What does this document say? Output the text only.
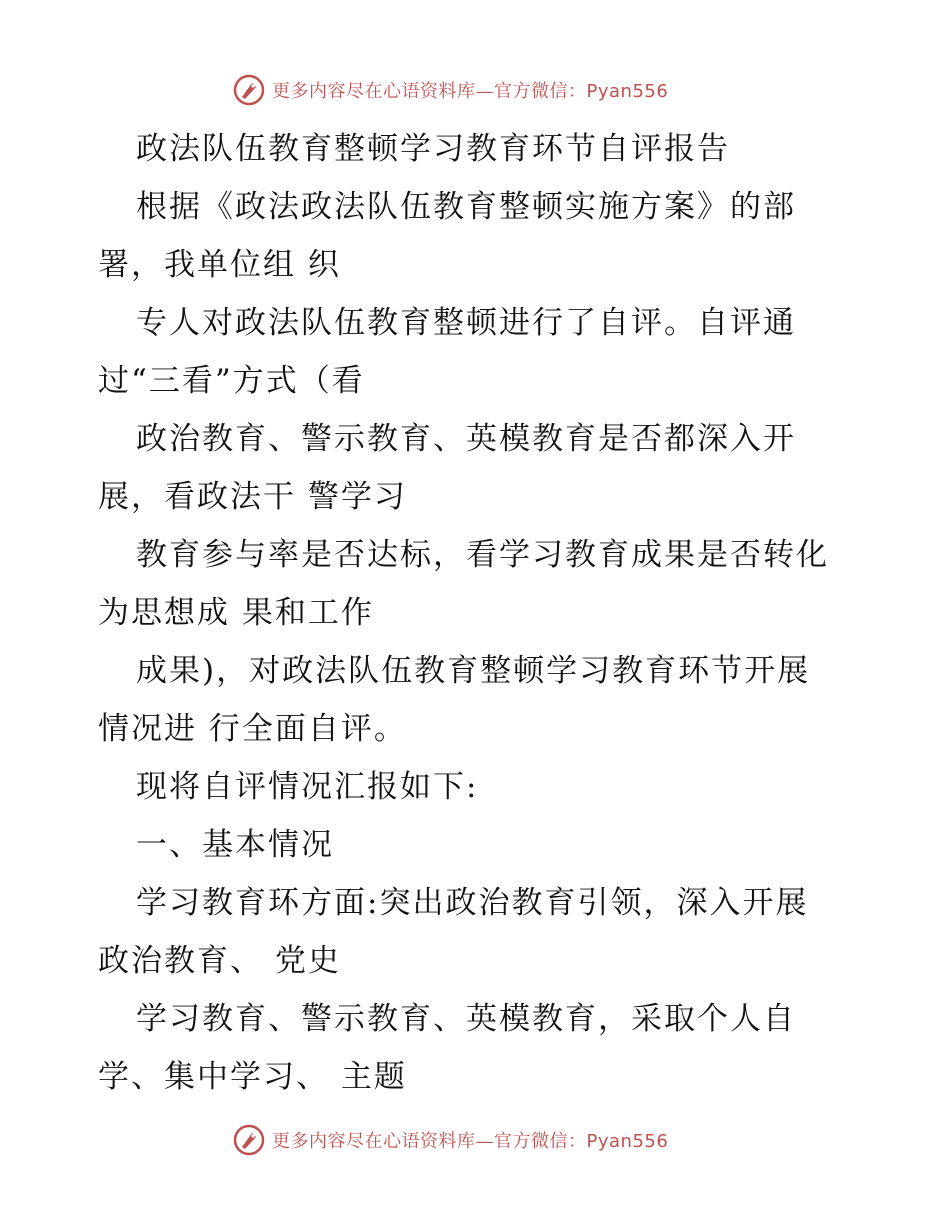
更多内容尽在心语资料库—官方微信：Pyan556
政法队伍教育整顿学习教育环节自评报告
根据《政法政法队伍教育整顿实施方案》的部
署，我单位组 织
专人对政法队伍教育整顿进行了自评。自评通
过“三看”方式（看
政治教育、警示教育、英模教育是否都深入开
展，看政法干 警学习
教育参与率是否达标，看学习教育成果是否转化
为思想成 果和工作
成果)，对政法队伍教育整顿学习教育环节开展
情况进 行全面自评。
现将自评情况汇报如下:
一、基本情况
学习教育环方面:突出政治教育引领，深入开展
政治教育、 党史
学习教育、警示教育、英模教育，采取个人自
学、集中学习、 主题
更多内容尽在心语资料库—官方微信：Pyan556
